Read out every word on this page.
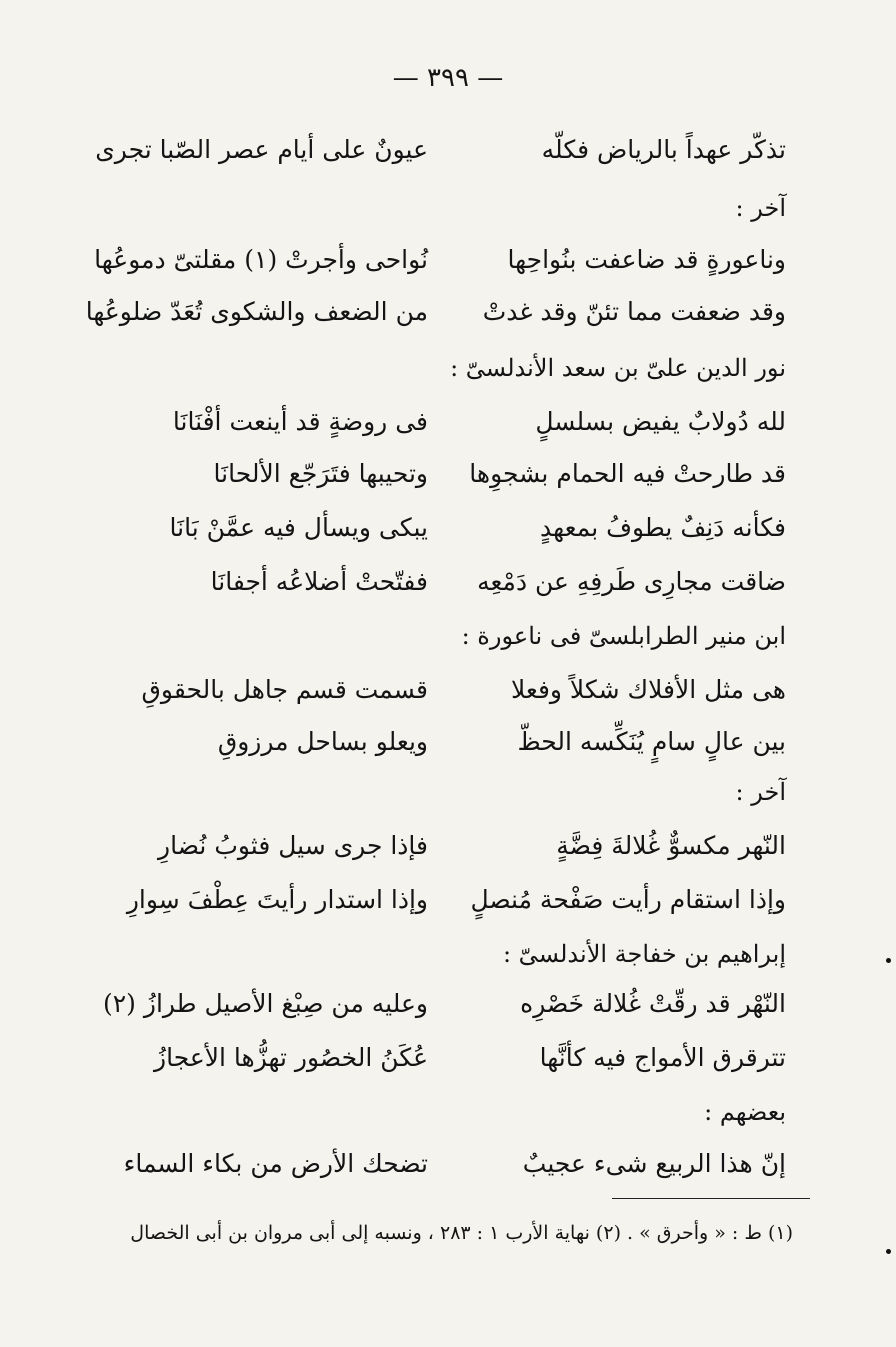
— ٣٩٩ —
تذكّر عهداً بالرياض فكلّه
عيونٌ على أيام عصر الصّبا تجرى
آخر :
وناعورةٍ قد ضاعفت بنُواحِها
نُواحى وأجرتْ (١) مقلتىّ دموعُها
وقد ضعفت مما تئنّ وقد غدتْ
من الضعف والشكوى تُعَدّ ضلوعُها
نور الدين علىّ بن سعد الأندلسىّ :
لله دُولابٌ يفيض بسلسلٍ
فى روضةٍ قد أينعت أفْنَانَا
قد طارحتْ فيه الحمام بشجوِها
وتحيبها فتَرَجّع الألحانَا
فكأنه دَنِفٌ يطوفُ بمعهدٍ
يبكى ويسأل فيه عمَّنْ بَانَا
ضاقت مجارِى طَرفِهِ عن دَمْعِه
ففتّحتْ أضلاعُه أجفانَا
ابن منير الطرابلسىّ فى ناعورة :
هى مثل الأفلاك شكلاً وفعلا
قسمت قسم جاهل بالحقوقِ
بين عالٍ سامٍ يُنَكِّسه الحظّ
ويعلو بساحل مرزوقِ
آخر :
النّهر مكسوٌّ غُلالةَ فِضَّةٍ
فإذا جرى سيل فثوبُ نُضارِ
وإذا استقام رأيت صَفْحة مُنصلٍ
وإذا استدار رأيتَ عِطْفَ سِوارِ
إبراهيم بن خفاجة الأندلسىّ :
النّهْر قد رقّتْ غُلالة خَصْرِه
وعليه من صِبْغ الأصيل طرازُ (٢)
تترقرق الأمواج فيه كأنَّها
عُكَنُ الخصُور تهزُّها الأعجازُ
بعضهم :
إنّ هذا الربيع شىء عجيبٌ
تضحك الأرض من بكاء السماء
(١) ط : « وأحرق » . (٢) نهاية الأرب ١ : ٢٨٣ ، ونسبه إلى أبى مروان بن أبى الخصال
